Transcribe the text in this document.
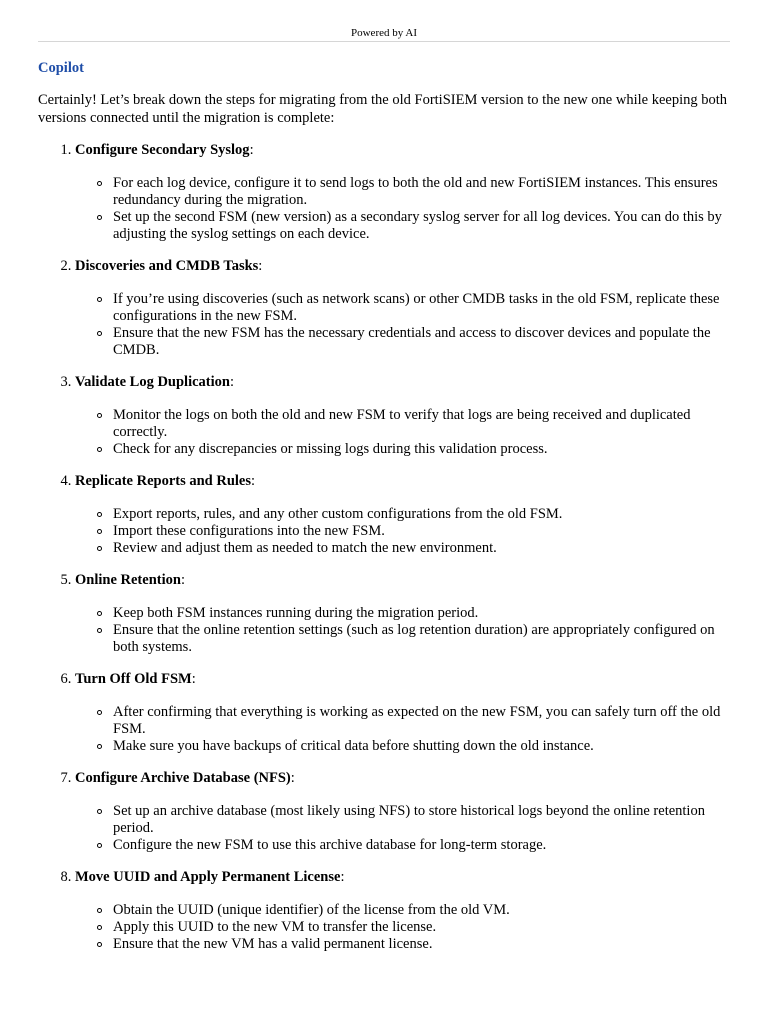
Powered by AI
Copilot
Certainly! Let’s break down the steps for migrating from the old FortiSIEM version to the new one while keeping both versions connected until the migration is complete:
1. Configure Secondary Syslog:
For each log device, configure it to send logs to both the old and new FortiSIEM instances. This ensures redundancy during the migration.
Set up the second FSM (new version) as a secondary syslog server for all log devices. You can do this by adjusting the syslog settings on each device.
2. Discoveries and CMDB Tasks:
If you’re using discoveries (such as network scans) or other CMDB tasks in the old FSM, replicate these configurations in the new FSM.
Ensure that the new FSM has the necessary credentials and access to discover devices and populate the CMDB.
3. Validate Log Duplication:
Monitor the logs on both the old and new FSM to verify that logs are being received and duplicated correctly.
Check for any discrepancies or missing logs during this validation process.
4. Replicate Reports and Rules:
Export reports, rules, and any other custom configurations from the old FSM.
Import these configurations into the new FSM.
Review and adjust them as needed to match the new environment.
5. Online Retention:
Keep both FSM instances running during the migration period.
Ensure that the online retention settings (such as log retention duration) are appropriately configured on both systems.
6. Turn Off Old FSM:
After confirming that everything is working as expected on the new FSM, you can safely turn off the old FSM.
Make sure you have backups of critical data before shutting down the old instance.
7. Configure Archive Database (NFS):
Set up an archive database (most likely using NFS) to store historical logs beyond the online retention period.
Configure the new FSM to use this archive database for long-term storage.
8. Move UUID and Apply Permanent License:
Obtain the UUID (unique identifier) of the license from the old VM.
Apply this UUID to the new VM to transfer the license.
Ensure that the new VM has a valid permanent license.
